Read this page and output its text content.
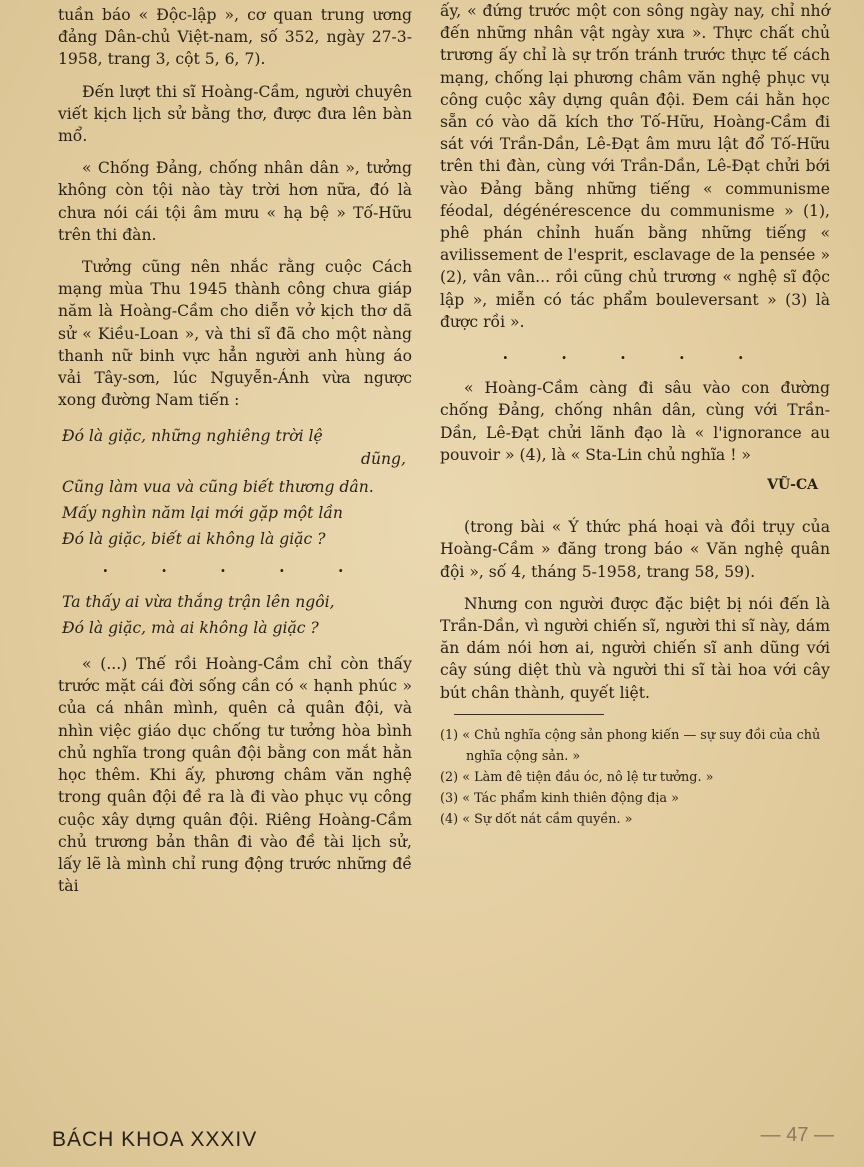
tuần báo « Độc-lập », cơ quan trung ương đảng Dân-chủ Việt-nam, số 352, ngày 27-3-1958, trang 3, cột 5, 6, 7).

Đến lượt thi sĩ Hoàng-Cầm, người chuyên viết kịch lịch sử bằng thơ, được đưa lên bàn mổ.

« Chống Đảng, chống nhân dân », tưởng không còn tội nào tày trời hơn nữa, đó là chưa nói cái tội âm mưu « hạ bệ » Tố-Hữu trên thi đàn.

Tưởng cũng nên nhắc rằng cuộc Cách mạng mùa Thu 1945 thành công chưa giáp năm là Hoàng-Cầm cho diễn vở kịch thơ dã sử « Kiều-Loan », và thi sĩ đã cho một nàng thanh nữ binh vực hẳn người anh hùng áo vải Tây-sơn, lúc Nguyễn-Ánh vừa ngược xong đường Nam tiến :

Đó là giặc, những nghiêng trời lệ
dũng,
Cũng làm vua và cũng biết thương dân.
Mấy nghìn năm lại mới gặp một lần
Đó là giặc, biết ai không là giặc ?
. . . . .
Ta thấy ai vừa thắng trận lên ngôi,
Đó là giặc, mà ai không là giặc ?

« (...) Thế rồi Hoàng-Cầm chỉ còn thấy trước mặt cái đời sống cần có « hạnh phúc » của cá nhân mình, quên cả quân đội, và nhìn việc giáo dục chống tư tưởng hòa bình chủ nghĩa trong quân đội bằng con mắt hằn học thêm. Khi ấy, phương châm văn nghệ trong quân đội đề ra là đi vào phục vụ công cuộc xây dựng quân đội. Riêng Hoàng-Cầm chủ trương bản thân đi vào đề tài lịch sử, lấy lẽ là mình chỉ rung động trước những đề tài

ấy, « đứng trước một con sông ngày nay, chỉ nhớ đến những nhân vật ngày xưa ». Thực chất chủ trương ấy chỉ là sự trốn tránh trước thực tế cách mạng, chống lại phương châm văn nghệ phục vụ công cuộc xây dựng quân đội. Đem cái hằn học sẵn có vào dã kích thơ Tố-Hữu, Hoàng-Cầm đi sát với Trần-Dần, Lê-Đạt âm mưu lật đổ Tố-Hữu trên thi đàn, cùng với Trần-Dần, Lê-Đạt chửi bới vào Đảng bằng những tiếng « communisme féodal, dégénérescence du communisme » (1), phê phán chỉnh huấn bằng những tiếng « avilissement de l'esprit, esclavage de la pensée » (2), vân vân... rồi cũng chủ trương « nghệ sĩ độc lập », miễn có tác phẩm bouleversant » (3) là được rồi ».

. . . . .

« Hoàng-Cầm càng đi sâu vào con đường chống Đảng, chống nhân dân, cùng với Trần-Dần, Lê-Đạt chửi lãnh đạo là « l'ignorance au pouvoir » (4), là « Sta-Lin chủ nghĩa ! »

VŨ-CA

(trong bài « Ý thức phá hoại và đồi trụy của Hoàng-Cầm » đăng trong báo « Văn nghệ quân đội », số 4, tháng 5-1958, trang 58, 59).

Nhưng con người được đặc biệt bị nói đến là Trần-Dần, vì người chiến sĩ, người thi sĩ này, dám ăn dám nói hơn ai, người chiến sĩ anh dũng với cây súng diệt thù và người thi sĩ tài hoa với cây bút chân thành, quyết liệt.

(1) « Chủ nghĩa cộng sản phong kiến — sự suy đồi của chủ nghĩa cộng sản. »
(2) « Làm đê tiện đầu óc, nô lệ tư tưởng. »
(3) « Tác phẩm kinh thiên động địa »
(4) « Sự dốt nát cầm quyền. »
BÁCH KHOA XXXIV	— 47 —
